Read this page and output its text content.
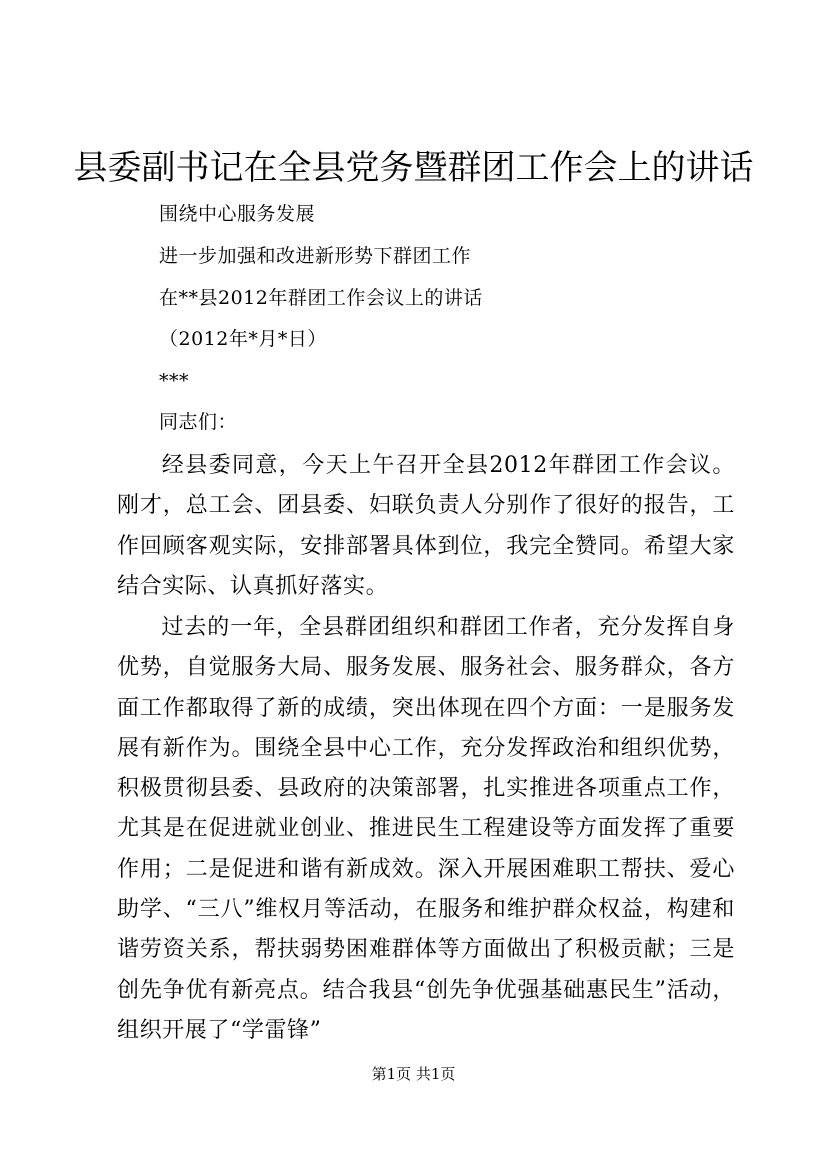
县委副书记在全县党务暨群团工作会上的讲话
围绕中心服务发展
进一步加强和改进新形势下群团工作
在**县2012年群团工作会议上的讲话
（2012年*月*日）
***
同志们：

经县委同意，今天上午召开全县2012年群团工作会议。刚才，总工会、团县委、妇联负责人分别作了很好的报告，工作回顾客观实际，安排部署具体到位，我完全赞同。希望大家结合实际、认真抓好落实。

过去的一年，全县群团组织和群团工作者，充分发挥自身优势，自觉服务大局、服务发展、服务社会、服务群众，各方面工作都取得了新的成绩，突出体现在四个方面：一是服务发展有新作为。围绕全县中心工作，充分发挥政治和组织优势，积极贯彻县委、县政府的决策部署，扎实推进各项重点工作，尤其是在促进就业创业、推进民生工程建设等方面发挥了重要作用；二是促进和谐有新成效。深入开展困难职工帮扶、爱心助学、“三八”维权月等活动，在服务和维护群众权益，构建和谐劳资关系，帮扶弱势困难群体等方面做出了积极贡献；三是创先争优有新亮点。结合我县“创先争优强基础惠民生”活动，组织开展了“学雷锋”

第1页 共1页
